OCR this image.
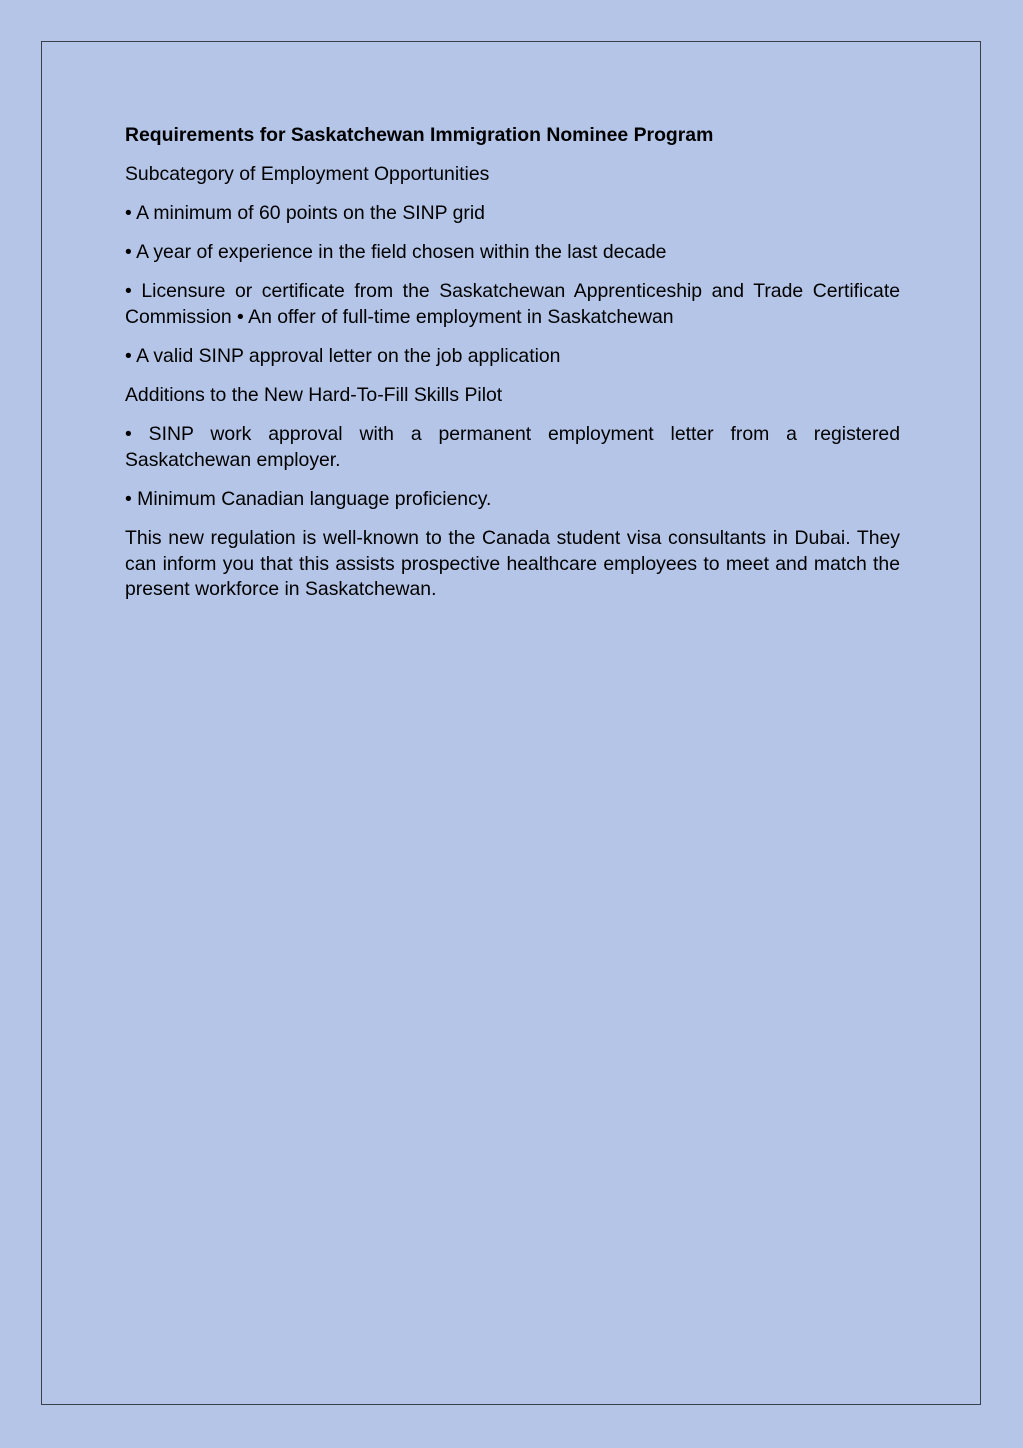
Requirements for Saskatchewan Immigration Nominee Program

Subcategory of Employment Opportunities

• A minimum of 60 points on the SINP grid

• A year of experience in the field chosen within the last decade

• Licensure or certificate from the Saskatchewan Apprenticeship and Trade Certificate Commission • An offer of full-time employment in Saskatchewan

• A valid SINP approval letter on the job application

Additions to the New Hard-To-Fill Skills Pilot

• SINP work approval with a permanent employment letter from a registered Saskatchewan employer.

• Minimum Canadian language proficiency.

This new regulation is well-known to the Canada student visa consultants in Dubai. They can inform you that this assists prospective healthcare employees to meet and match the present workforce in Saskatchewan.
